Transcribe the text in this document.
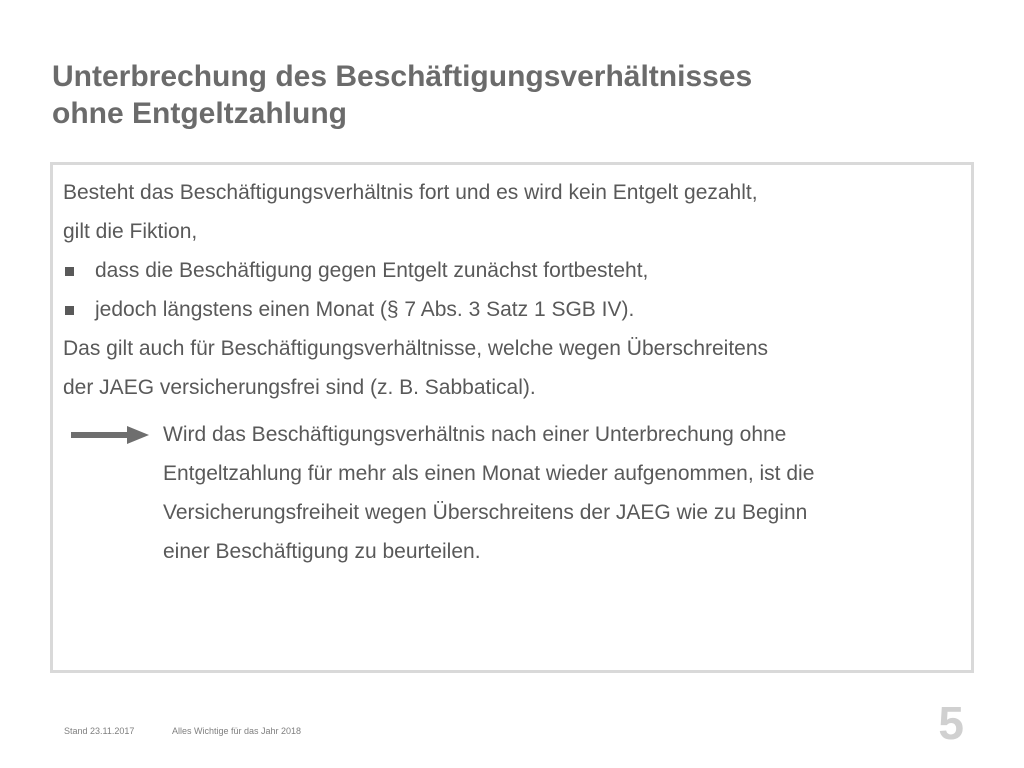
Unterbrechung des Beschäftigungsverhältnisses
ohne Entgeltzahlung
Besteht das Beschäftigungsverhältnis fort und es wird kein Entgelt gezahlt,
gilt die Fiktion,
dass die Beschäftigung gegen Entgelt zunächst fortbesteht,
jedoch längstens einen Monat (§ 7 Abs. 3 Satz 1 SGB IV).
Das gilt auch für Beschäftigungsverhältnisse, welche wegen Überschreitens
der JAEG versicherungsfrei sind (z. B. Sabbatical).
Wird das Beschäftigungsverhältnis nach einer Unterbrechung ohne
Entgeltzahlung für mehr als einen Monat wieder aufgenommen, ist die
Versicherungsfreiheit wegen Überschreitens der JAEG wie zu Beginn
einer Beschäftigung zu beurteilen.
Stand 23.11.2017	Alles Wichtige für das Jahr 2018	5
